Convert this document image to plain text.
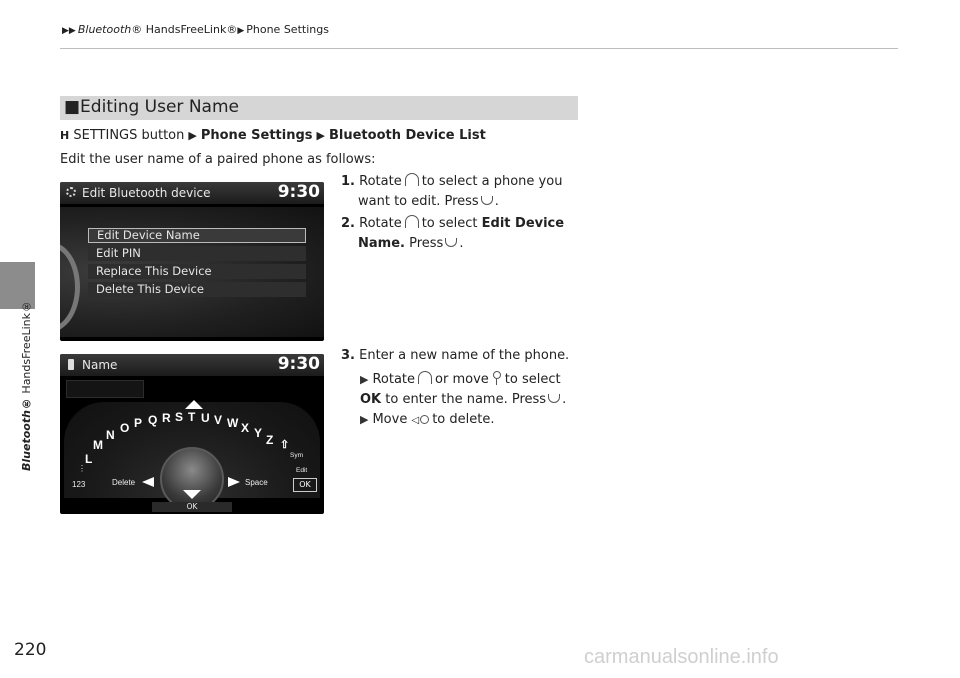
▶▶ Bluetooth® HandsFreeLink®▶ Phone Settings
Bluetooth® HandsFreeLink®
220	carmanualsonline.info
■Editing User Name
H SETTINGS button ▶ Phone Settings ▶ Bluetooth Device List
Edit the user name of a paired phone as follows:
1. Rotate to select a phone you
want to edit. Press .
2. Rotate to select Edit Device
Name. Press .
3. Enter a new name of the phone.
▶ Rotate or move to select
OK to enter the name. Press .
▶ Move ◁ to delete.
Edit Bluetooth device	9:30
Edit Device Name
Edit PIN
Replace This Device
Delete This Device
Name	9:30
L
M
N O P Q R S T U V W X Y Z ⇧
⋮
123	Delete	Space
Sym
Edit
OK
OK
